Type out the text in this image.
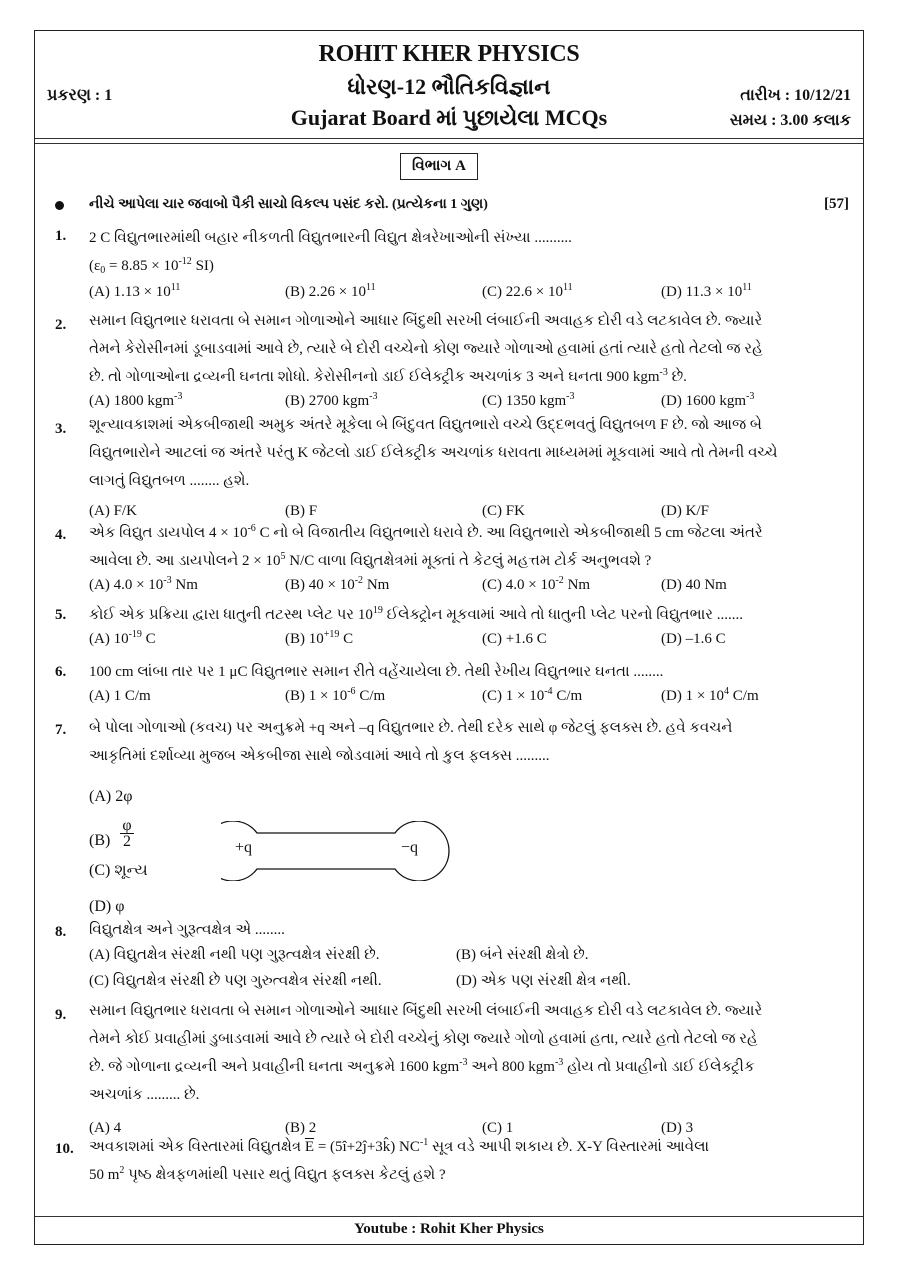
ROHIT KHER PHYSICS
ધોરણ-12 ભૌતિકવિજ્ઞાન
Gujarat Board માં પુછાયેલા MCQs
પ્રકરણ : 1	તારીખ : 10/12/21
સમય : 3.00 કલાક
વિભાગ A
નીચે આપેલા ચાર જવાબો પૈકી સાચો વિકલ્પ પસંદ કરો. (પ્રત્યેકના 1 ગુણ)	[57]
1. 2 C વિદ્યુતભારમાંથી બહાર નીકળતી વિદ્યુતભારની વિદ્યુત ક્ષેત્રરેખાઓની સંખ્યા ..........
($\varepsilon_0 = 8.85 \times 10^{-12}$ SI)
(A) $1.13 \times 10^{11}$	(B) $2.26 \times 10^{11}$	(C) $22.6 \times 10^{11}$	(D) $11.3 \times 10^{11}$
2. સમાન વિદ્યુતભાર ધરાવતા બે સમાન ગોળાઓને આધાર બિંદુથી સરખી લંબાઈની અવાહક દોરી વડે લટકાવેલ છે. જ્યારે
તેમને કેરોસીનમાં ડૂબાડવામાં આવે છે, ત્યારે બે દોરી વચ્ચેનો કોણ જ્યારે ગોળાઓ હવામાં હતાં ત્યારે હતો તેટલો જ રહે
છે. તો ગોળાઓના દ્રવ્યની ઘનતા શોધો. કેરોસીનનો ડાઈ ઈલેક્ટ્રીક અચળાંક 3 અને ઘનતા 900 kgm$^{-3}$ છે.
(A) 1800 kgm$^{-3}$	(B) 2700 kgm$^{-3}$	(C) 1350 kgm$^{-3}$	(D) 1600 kgm$^{-3}$
3. શૂન્યાવકાશમાં એકબીજાથી અમુક અંતરે મૂકેલા બે બિંદુવત વિદ્યુતભારો વચ્ચે ઉદ્દભવતું વિદ્યુતબળ F છે. જો આજ બે
વિદ્યુતભારોને આટલાં જ અંતરે પરંતુ K જેટલો ડાઈ ઈલેક્ટ્રીક અચળાંક ધરાવતા માધ્યમમાં મૂકવામાં આવે તો તેમની વચ્ચે
લાગતું વિદ્યુતબળ ........ હશે.
(A) F/K	(B) F	(C) FK	(D) K/F
4. એક વિદ્યુત ડાયપોલ $4 \times 10^{-6}$ C નો બે વિજાતીય વિદ્યુતભારો ધરાવે છે. આ વિદ્યુતભારો એકબીજાથી 5 cm જેટલા અંતરે
આવેલા છે. આ ડાયપોલને $2 \times 10^5$ N/C વાળા વિદ્યુતક્ષેત્રમાં મૂક્તાં તે કેટલું મહત્તમ ટોર્ક અનુભવશે ?
(A) $4.0 \times 10^{-3}$ Nm	(B) $40 \times 10^{-2}$ Nm	(C) $4.0 \times 10^{-2}$ Nm	(D) 40 Nm
5. કોઈ એક પ્રક્રિયા દ્વારા ધાતુની તટસ્થ પ્લેટ પર $10^{19}$ ઈલેક્ટ્રોન મૂકવામાં આવે તો ધાતુની પ્લેટ પરનો વિદ્યુતભાર .......
(A) $10^{-19}$ C	(B) $10^{+19}$ C	(C) +1.6 C	(D) –1.6 C
6. 100 cm લાંબા તાર પર 1 μC વિદ્યુતભાર સમાન રીતે વહેંચાયેલા છે. તેથી રેખીય વિદ્યુતભાર ઘનતા ........
(A) 1 C/m	(B) $1 \times 10^{-6}$ C/m	(C) $1 \times 10^{-4}$ C/m	(D) $1 \times 10^4$ C/m
7. બે પોલા ગોળાઓ (કવચ) પર અનુક્રમે +q અને –q વિદ્યુતભાર છે. તેથી દરેક સાથે φ જેટલું ફલક્સ છે. હવે કવચને
આકૃતિમાં દર્શાવ્યા મુજબ એકબીજા સાથે જોડવામાં આવે તો કુલ ફલક્સ .........
(A) 2φ
$(B) \frac{\varphi}{2}$
(C) શૂન્ય
(D) φ
+q	−q
8. વિદ્યુતક્ષેત્ર અને ગુરૂત્વક્ષેત્ર એ ........
(A) વિદ્યુતક્ષેત્ર સંરક્ષી નથી પણ ગુરૂત્વક્ષેત્ર સંરક્ષી છે.	(B) બંને સંરક્ષી ક્ષેત્રો છે.
(C) વિદ્યુતક્ષેત્ર સંરક્ષી છે પણ ગુરુત્વક્ષેત્ર સંરક્ષી નથી.	(D) એક પણ સંરક્ષી ક્ષેત્ર નથી.
9. સમાન વિદ્યુતભાર ધરાવતા બે સમાન ગોળાઓને આધાર બિંદુથી સરખી લંબાઈની અવાહક દોરી વડે લટકાવેલ છે. જ્યારે
તેમને કોઈ પ્રવાહીમાં ડુબાડવામાં આવે છે ત્યારે બે દોરી વચ્ચેનું કોણ જ્યારે ગોળો હવામાં હતા, ત્યારે હતો તેટલો જ રહે
છે. જે ગોળાના દ્રવ્યની અને પ્રવાહીની ઘનતા અનુક્રમે 1600 kgm$^{-3}$ અને 800 kgm$^{-3}$ હોય તો પ્રવાહીનો ડાઈ ઈલેક્ટ્રીક
અચળાંક ......... છે.
(A) 4	(B) 2	(C) 1	(D) 3
10. અવકાશમાં એક વિસ્તારમાં વિદ્યુતક્ષેત્ર $\overline{E}$ = (5î+2ĵ+3k̂) $NC^{-1}$ સૂત્ર વડે આપી શકાય છે. X-Y વિસ્તારમાં આવેલા
50 $m^2$ પૃષ્ઠ ક્ષેત્રફળમાંથી પસાર થતું વિદ્યુત ફલક્સ કેટલું હશે ?
Youtube : Rohit Kher Physics
